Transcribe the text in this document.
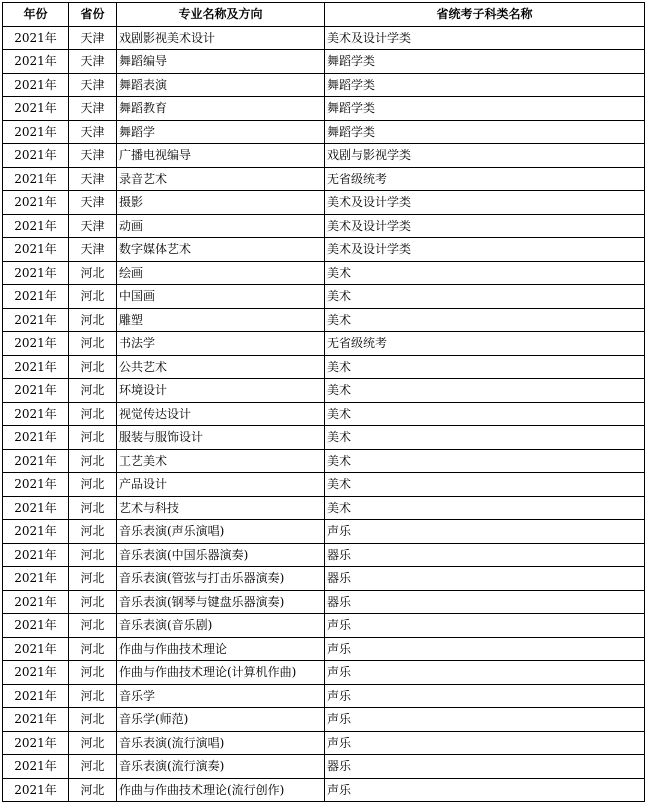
年份	省份	专业名称及方向	省统考子科类名称
2021年	天津	戏剧影视美术设计	美术及设计学类
2021年	天津	舞蹈编导	舞蹈学类
2021年	天津	舞蹈表演	舞蹈学类
2021年	天津	舞蹈教育	舞蹈学类
2021年	天津	舞蹈学	舞蹈学类
2021年	天津	广播电视编导	戏剧与影视学类
2021年	天津	录音艺术	无省级统考
2021年	天津	摄影	美术及设计学类
2021年	天津	动画	美术及设计学类
2021年	天津	数字媒体艺术	美术及设计学类
2021年	河北	绘画	美术
2021年	河北	中国画	美术
2021年	河北	雕塑	美术
2021年	河北	书法学	无省级统考
2021年	河北	公共艺术	美术
2021年	河北	环境设计	美术
2021年	河北	视觉传达设计	美术
2021年	河北	服装与服饰设计	美术
2021年	河北	工艺美术	美术
2021年	河北	产品设计	美术
2021年	河北	艺术与科技	美术
2021年	河北	音乐表演(声乐演唱)	声乐
2021年	河北	音乐表演(中国乐器演奏)	器乐
2021年	河北	音乐表演(管弦与打击乐器演奏)	器乐
2021年	河北	音乐表演(钢琴与键盘乐器演奏)	器乐
2021年	河北	音乐表演(音乐剧)	声乐
2021年	河北	作曲与作曲技术理论	声乐
2021年	河北	作曲与作曲技术理论(计算机作曲)	声乐
2021年	河北	音乐学	声乐
2021年	河北	音乐学(师范)	声乐
2021年	河北	音乐表演(流行演唱)	声乐
2021年	河北	音乐表演(流行演奏)	器乐
2021年	河北	作曲与作曲技术理论(流行创作)	声乐
